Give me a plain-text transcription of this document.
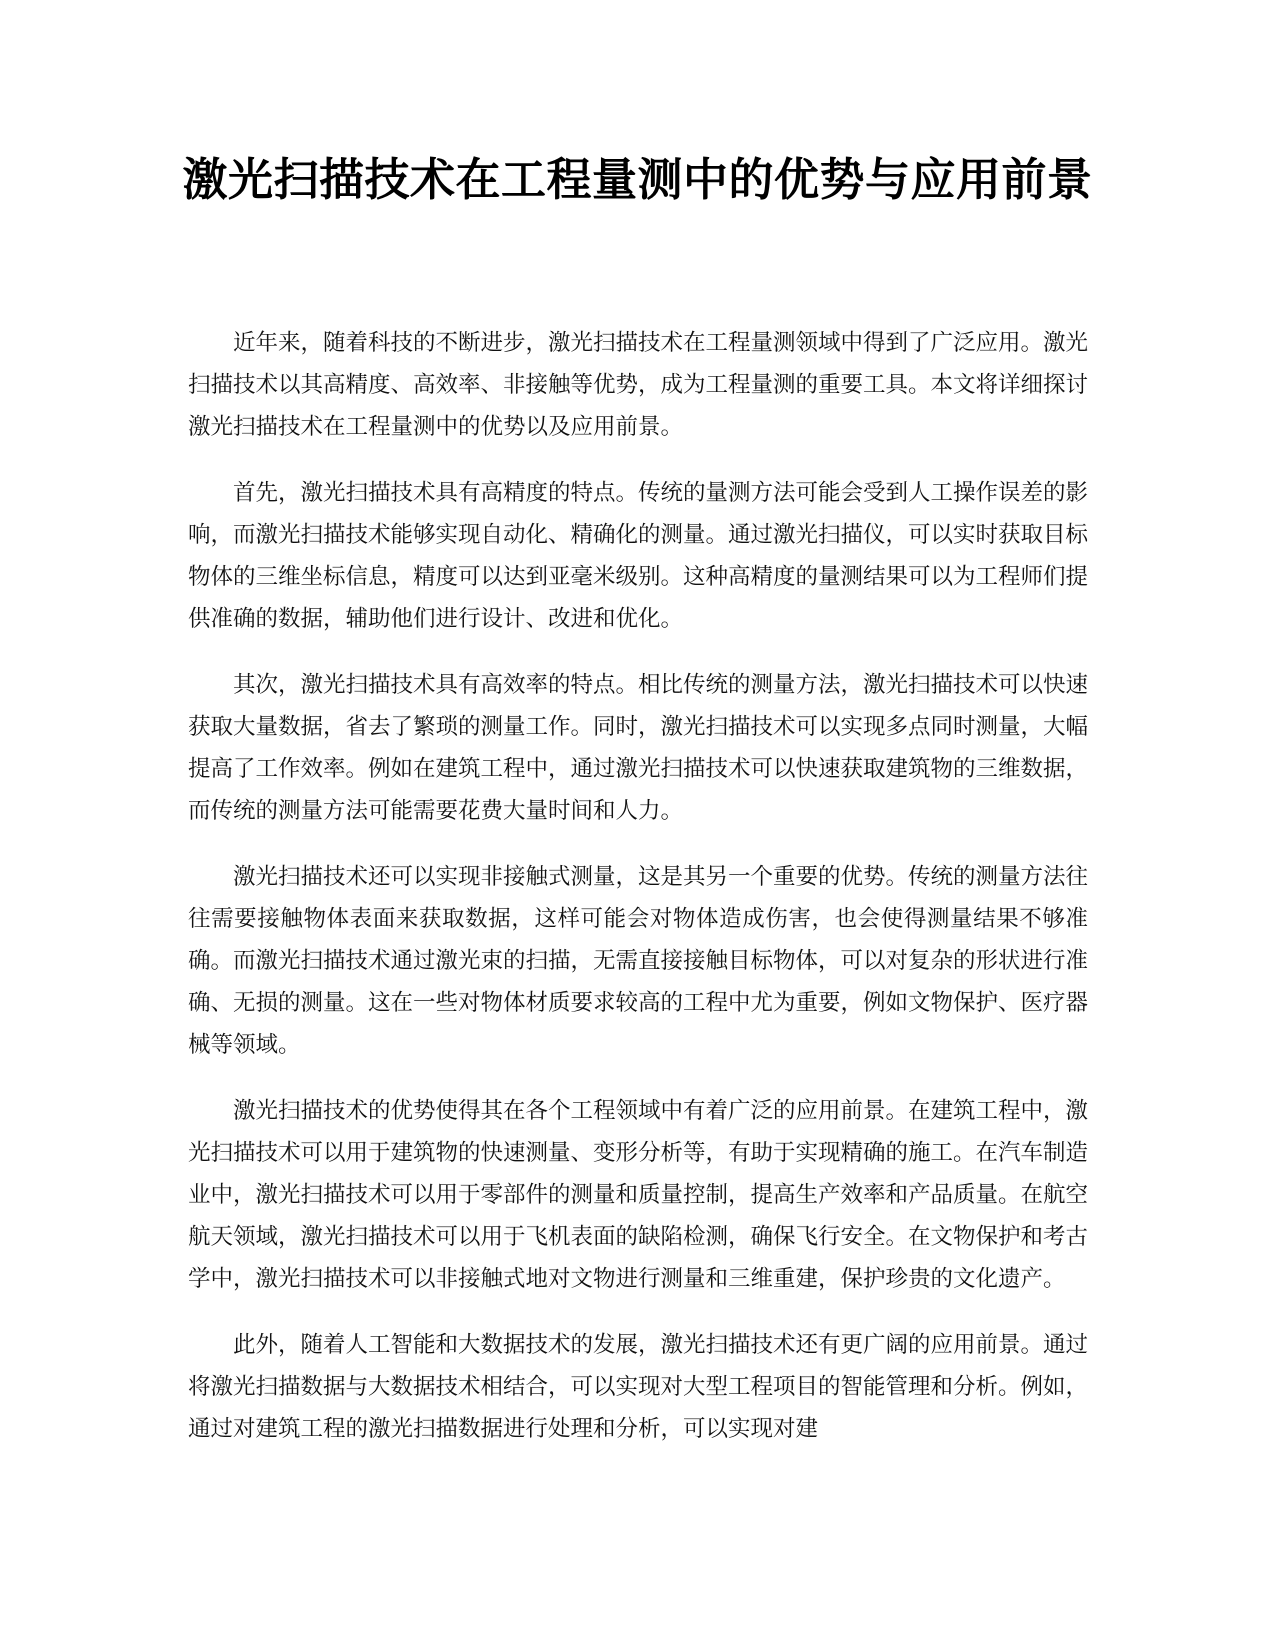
激光扫描技术在工程量测中的优势与应用前景

近年来，随着科技的不断进步，激光扫描技术在工程量测领域中得到了广泛应用。激光扫描技术以其高精度、高效率、非接触等优势，成为工程量测的重要工具。本文将详细探讨激光扫描技术在工程量测中的优势以及应用前景。

首先，激光扫描技术具有高精度的特点。传统的量测方法可能会受到人工操作误差的影响，而激光扫描技术能够实现自动化、精确化的测量。通过激光扫描仪，可以实时获取目标物体的三维坐标信息，精度可以达到亚毫米级别。这种高精度的量测结果可以为工程师们提供准确的数据，辅助他们进行设计、改进和优化。

其次，激光扫描技术具有高效率的特点。相比传统的测量方法，激光扫描技术可以快速获取大量数据，省去了繁琐的测量工作。同时，激光扫描技术可以实现多点同时测量，大幅提高了工作效率。例如在建筑工程中，通过激光扫描技术可以快速获取建筑物的三维数据，而传统的测量方法可能需要花费大量时间和人力。

激光扫描技术还可以实现非接触式测量，这是其另一个重要的优势。传统的测量方法往往需要接触物体表面来获取数据，这样可能会对物体造成伤害，也会使得测量结果不够准确。而激光扫描技术通过激光束的扫描，无需直接接触目标物体，可以对复杂的形状进行准确、无损的测量。这在一些对物体材质要求较高的工程中尤为重要，例如文物保护、医疗器械等领域。

激光扫描技术的优势使得其在各个工程领域中有着广泛的应用前景。在建筑工程中，激光扫描技术可以用于建筑物的快速测量、变形分析等，有助于实现精确的施工。在汽车制造业中，激光扫描技术可以用于零部件的测量和质量控制，提高生产效率和产品质量。在航空航天领域，激光扫描技术可以用于飞机表面的缺陷检测，确保飞行安全。在文物保护和考古学中，激光扫描技术可以非接触式地对文物进行测量和三维重建，保护珍贵的文化遗产。

此外，随着人工智能和大数据技术的发展，激光扫描技术还有更广阔的应用前景。通过将激光扫描数据与大数据技术相结合，可以实现对大型工程项目的智能管理和分析。例如，通过对建筑工程的激光扫描数据进行处理和分析，可以实现对建
